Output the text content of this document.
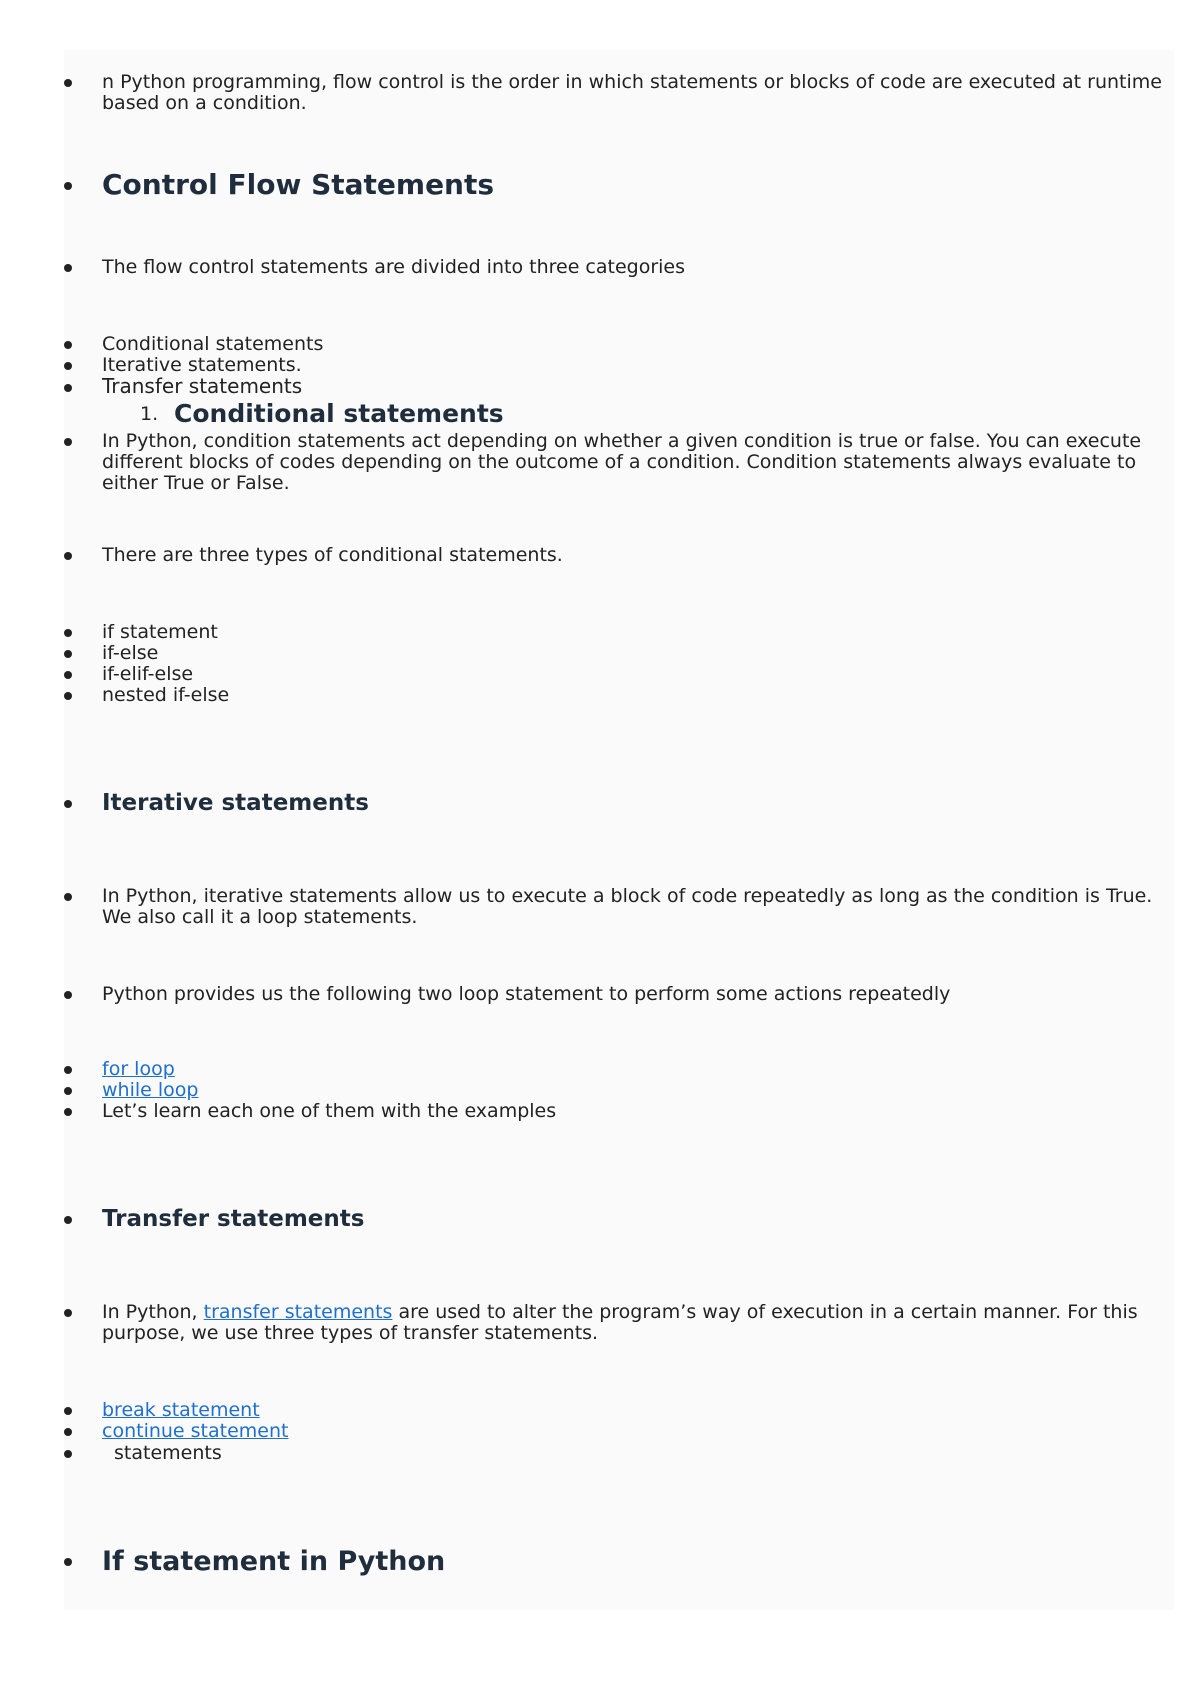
n Python programming, flow control is the order in which statements or blocks of code are executed at runtime based on a condition.

Control Flow Statements

The flow control statements are divided into three categories

Conditional statements

Iterative statements.

Transfer statements

1. Conditional statements

In Python, condition statements act depending on whether a given condition is true or false. You can execute different blocks of codes depending on the outcome of a condition. Condition statements always evaluate to either True or False.

There are three types of conditional statements.

if statement

if-else

if-elif-else

nested if-else

Iterative statements

In Python, iterative statements allow us to execute a block of code repeatedly as long as the condition is True. We also call it a loop statements.

Python provides us the following two loop statement to perform some actions repeatedly

for loop

while loop

Let’s learn each one of them with the examples

Transfer statements

In Python, transfer statements are used to alter the program’s way of execution in a certain manner. For this purpose, we use three types of transfer statements.

break statement

continue statement

statements

If statement in Python
